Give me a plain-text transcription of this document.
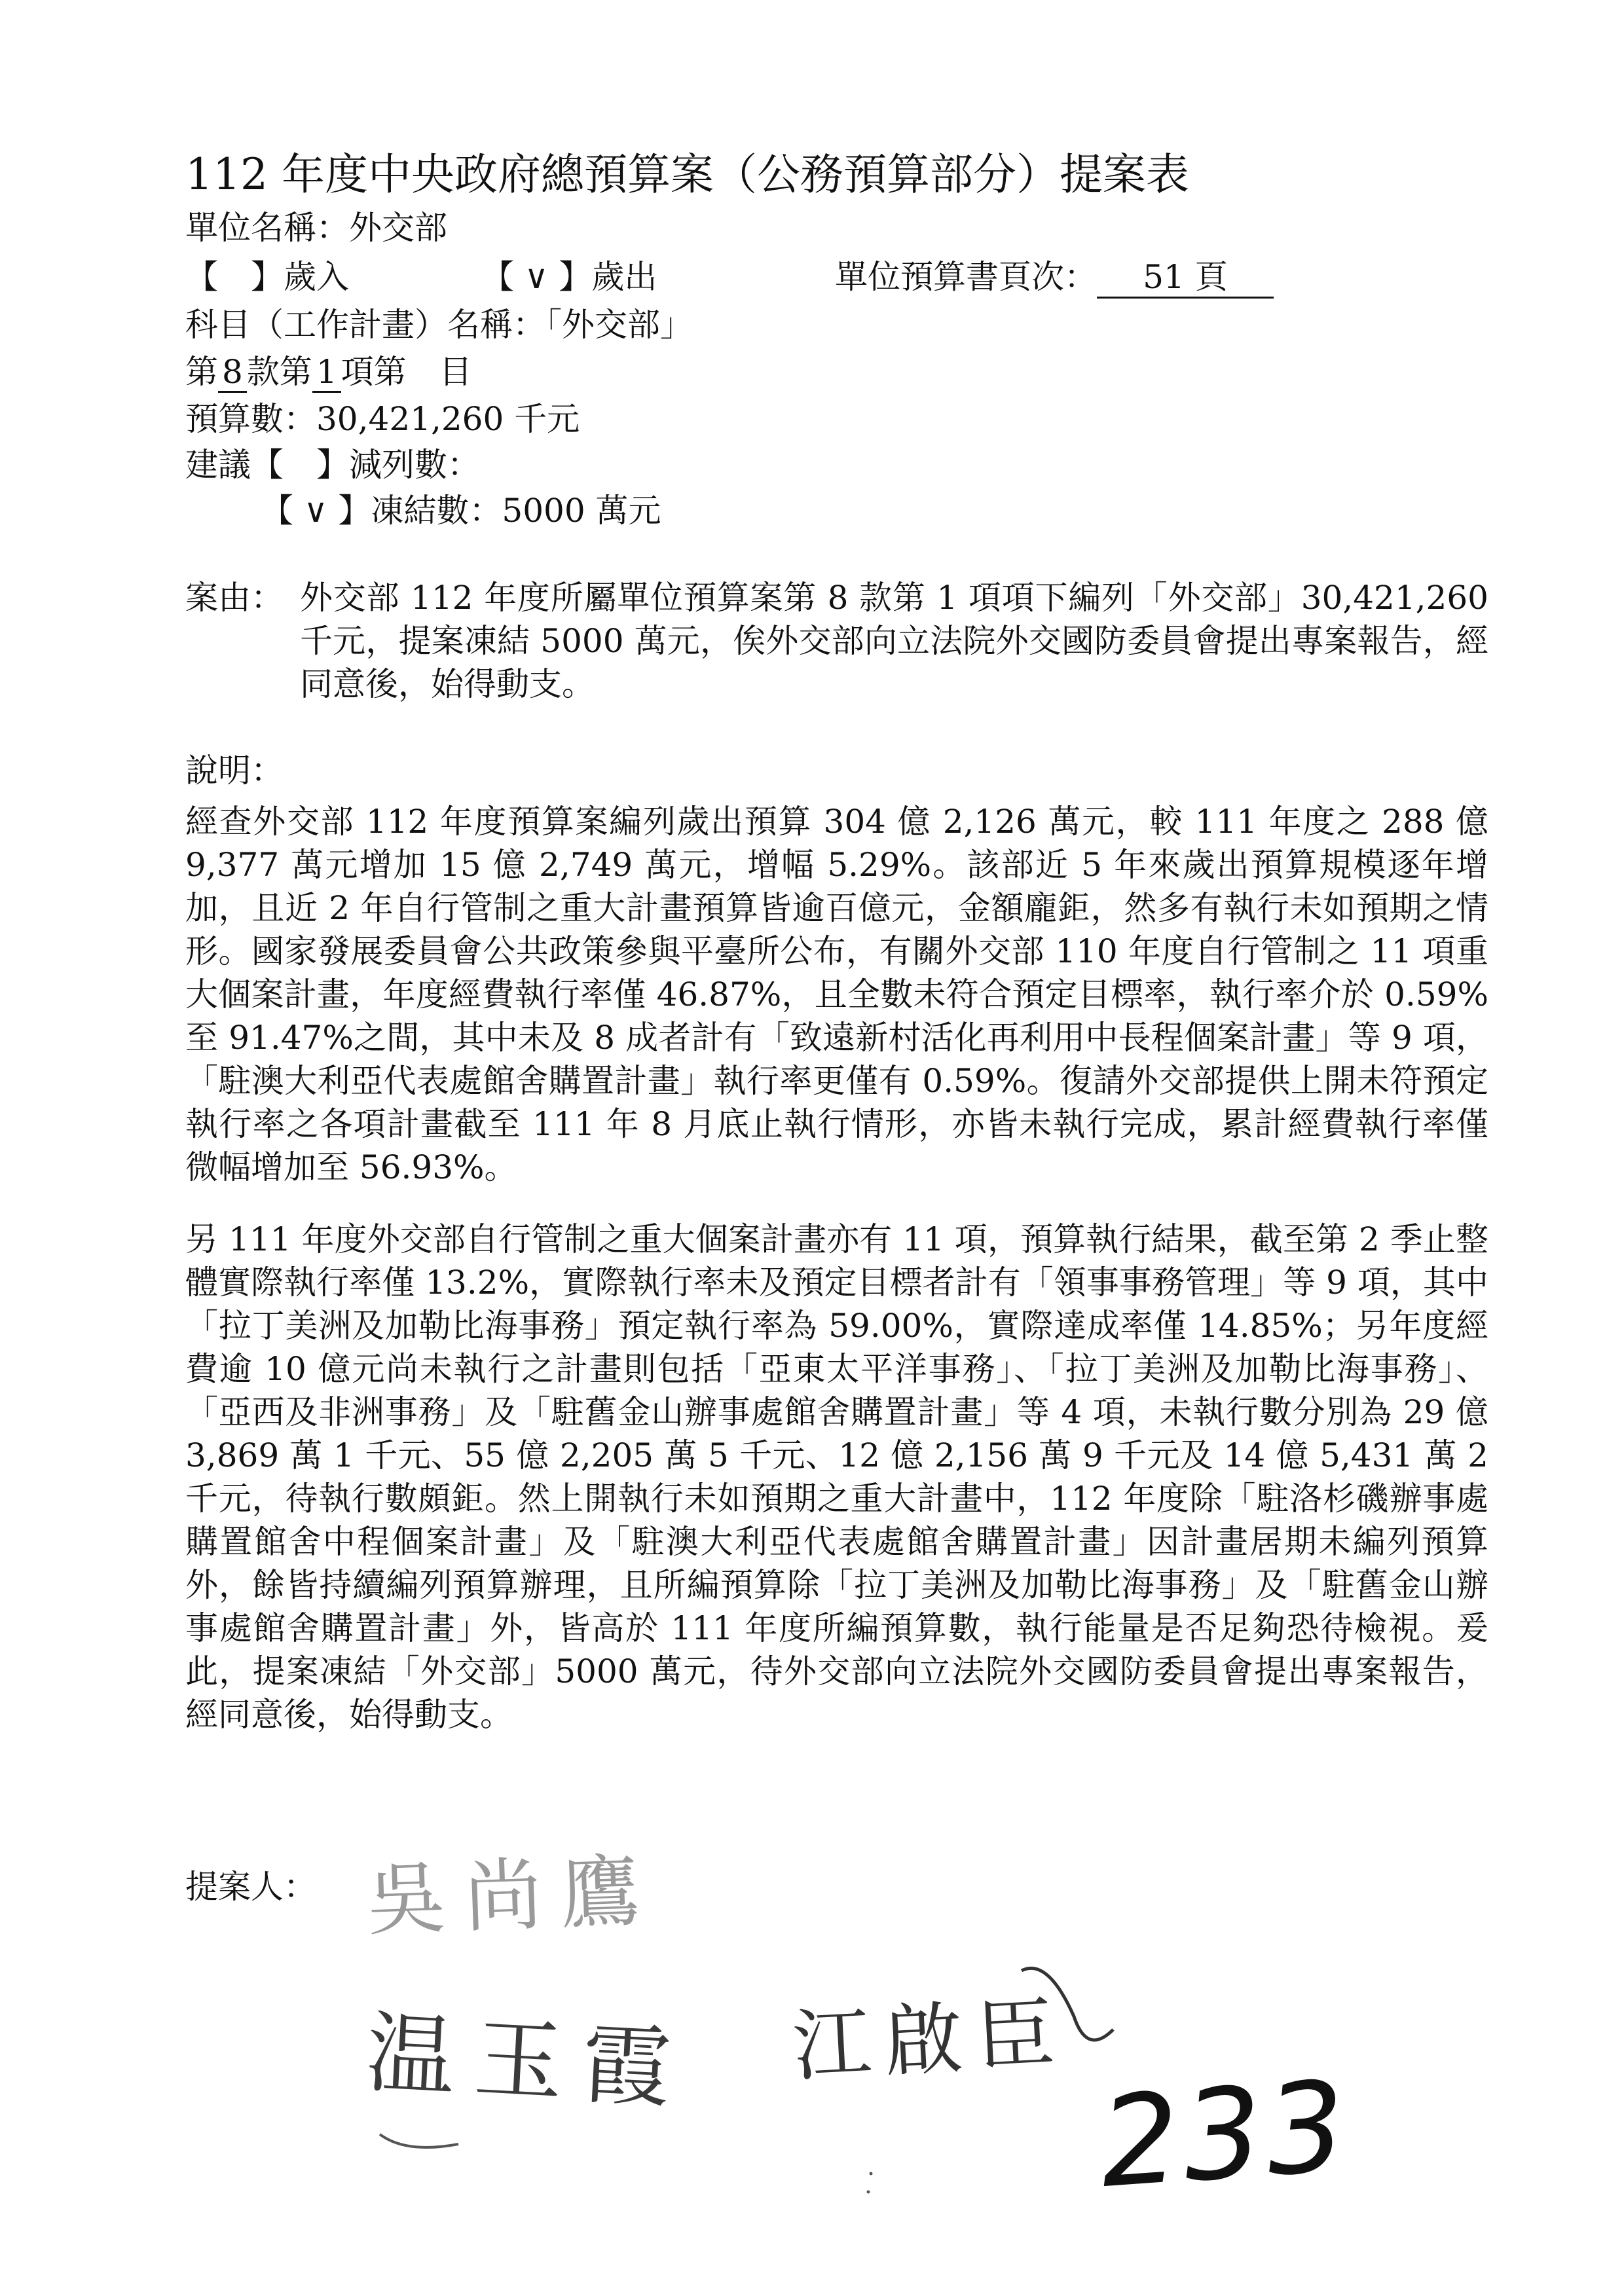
112 年度中央政府總預算案（公務預算部分）提案表
單位名稱：外交部
【　】歲入	【 ∨ 】歲出	單位預算書頁次： 51 頁
科目（工作計畫）名稱：「外交部」
第 8 款第 1 項第　目
預算數：30,421,260 千元
建議【　】減列數：
【 ∨ 】凍結數：5000 萬元
案由： 外交部 112 年度所屬單位預算案第 8 款第 1 項項下編列「外交部」30,421,260 千元，提案凍結 5000 萬元，俟外交部向立法院外交國防委員會提出專案報告，經同意後，始得動支。
說明：
經查外交部 112 年度預算案編列歲出預算 304 億 2,126 萬元，較 111 年度之 288 億 9,377 萬元增加 15 億 2,749 萬元，增幅 5.29%。該部近 5 年來歲出預算規模逐年增加，且近 2 年自行管制之重大計畫預算皆逾百億元，金額龐鉅，然多有執行未如預期之情形。國家發展委員會公共政策參與平臺所公布，有關外交部 110 年度自行管制之 11 項重大個案計畫，年度經費執行率僅 46.87%，且全數未符合預定目標率，執行率介於 0.59%至 91.47%之間，其中未及 8 成者計有「致遠新村活化再利用中長程個案計畫」等 9 項，「駐澳大利亞代表處館舍購置計畫」執行率更僅有 0.59%。復請外交部提供上開未符預定執行率之各項計畫截至 111 年 8 月底止執行情形，亦皆未執行完成，累計經費執行率僅微幅增加至 56.93%。
另 111 年度外交部自行管制之重大個案計畫亦有 11 項，預算執行結果，截至第 2 季止整體實際執行率僅 13.2%，實際執行率未及預定目標者計有「領事事務管理」等 9 項，其中「拉丁美洲及加勒比海事務」預定執行率為 59.00%，實際達成率僅 14.85%；另年度經費逾 10 億元尚未執行之計畫則包括「亞東太平洋事務」、「拉丁美洲及加勒比海事務」、「亞西及非洲事務」及「駐舊金山辦事處館舍購置計畫」等 4 項，未執行數分別為 29 億 3,869 萬 1 千元、55 億 2,205 萬 5 千元、12 億 2,156 萬 9 千元及 14 億 5,431 萬 2 千元，待執行數頗鉅。然上開執行未如預期之重大計畫中，112 年度除「駐洛杉磯辦事處購置館舍中程個案計畫」及「駐澳大利亞代表處館舍購置計畫」因計畫居期未編列預算外，餘皆持續編列預算辦理，且所編預算除「拉丁美洲及加勒比海事務」及「駐舊金山辦事處館舍購置計畫」外，皆高於 111 年度所編預算數，執行能量是否足夠恐待檢視。爰此，提案凍結「外交部」5000 萬元，待外交部向立法院外交國防委員會提出專案報告，經同意後，始得動支。
提案人： 吳尚鷹
温玉霞 江啟臣
233
